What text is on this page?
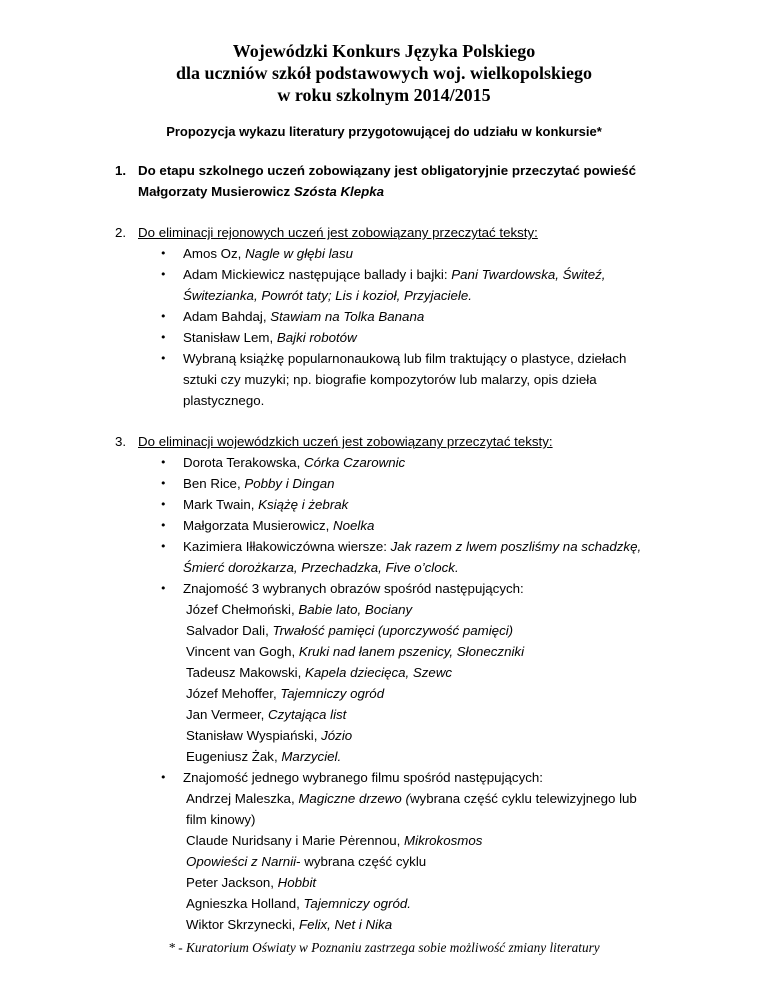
Wojewódzki Konkurs Języka Polskiego
dla uczniów szkół podstawowych woj. wielkopolskiego
w roku szkolnym 2014/2015
Propozycja wykazu literatury przygotowującej do udziału w konkursie*
1. Do etapu szkolnego uczeń zobowiązany jest obligatoryjnie przeczytać powieść
Małgorzaty Musierowicz Szósta Klepka
2. Do eliminacji rejonowych uczeń jest zobowiązany przeczytać teksty:
• Amos Oz, Nagle w głębi lasu
• Adam Mickiewicz następujące ballady i bajki: Pani Twardowska, Świteź,
Świtezianka, Powrót taty; Lis i kozioł, Przyjaciele.
• Adam Bahdaj, Stawiam na Tolka Banana
• Stanisław Lem, Bajki robotów
• Wybraną książkę popularnonaukową lub film traktujący o plastyce, dziełach
sztuki czy muzyki; np. biografie kompozytorów lub malarzy, opis dzieła
plastycznego.
3. Do eliminacji wojewódzkich uczeń jest zobowiązany przeczytać teksty:
• Dorota Terakowska, Córka Czarownic
• Ben Rice, Pobby i Dingan
• Mark Twain, Książę i żebrak
• Małgorzata Musierowicz, Noelka
• Kazimiera Iłłakowiczówna wiersze: Jak razem z lwem poszliśmy na schadzkę,
Śmierć dorożkarza, Przechadzka, Five o’clock.
• Znajomość 3 wybranych obrazów spośród następujących:
Józef Chełmoński, Babie lato, Bociany
Salvador Dali, Trwałość pamięci (uporczywość pamięci)
Vincent van Gogh, Kruki nad łanem pszenicy, Słoneczniki
Tadeusz Makowski, Kapela dziecięca, Szewc
Józef Mehoffer, Tajemniczy ogród
Jan Vermeer, Czytająca list
Stanisław Wyspiański, Józio
Eugeniusz Żak, Marzyciel.
• Znajomość jednego wybranego filmu spośród następujących:
Andrzej Maleszka, Magiczne drzewo (wybrana część cyklu telewizyjnego lub
film kinowy)
Claude Nuridsany i Marie Pėrennou, Mikrokosmos
Opowieści z Narnii- wybrana część cyklu
Peter Jackson, Hobbit
Agnieszka Holland, Tajemniczy ogród.
Wiktor Skrzynecki, Felix, Net i Nika
* - Kuratorium Oświaty w Poznaniu zastrzega sobie możliwość zmiany literatury
